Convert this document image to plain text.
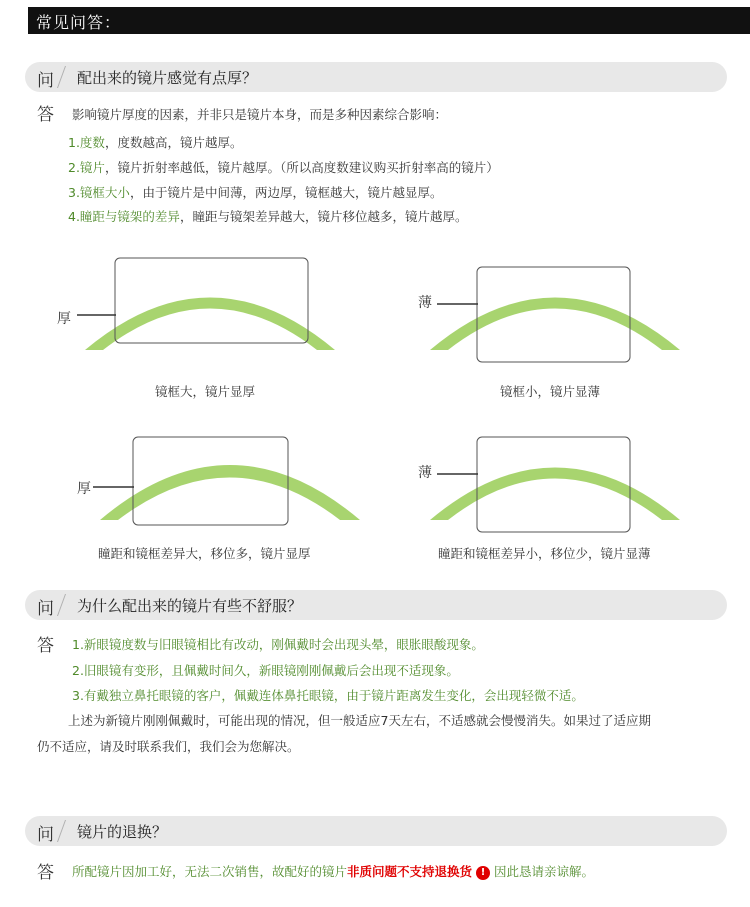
常见问答：
问 配出来的镜片感觉有点厚？
答 影响镜片厚度的因素，并非只是镜片本身，而是多种因素综合影响：
1.度数，度数越高，镜片越厚。
2.镜片，镜片折射率越低，镜片越厚。（所以高度数建议购买折射率高的镜片）
3.镜框大小，由于镜片是中间薄，两边厚，镜框越大，镜片越显厚。
4.瞳距与镜架的差异，瞳距与镜架差异越大，镜片移位越多，镜片越厚。
厚
镜框大，镜片显厚
薄
镜框小，镜片显薄
厚
瞳距和镜框差异大，移位多，镜片显厚
薄
瞳距和镜框差异小，移位少，镜片显薄
问 为什么配出来的镜片有些不舒服？
答 1.新眼镜度数与旧眼镜相比有改动，刚佩戴时会出现头晕，眼胀眼酸现象。
2.旧眼镜有变形，且佩戴时间久，新眼镜刚刚佩戴后会出现不适现象。
3.有戴独立鼻托眼镜的客户，佩戴连体鼻托眼镜，由于镜片距离发生变化，会出现轻微不适。
上述为新镜片刚刚佩戴时，可能出现的情况，但一般适应7天左右，不适感就会慢慢消失。如果过了适应期
仍不适应，请及时联系我们，我们会为您解决。
问 镜片的退换？
答 所配镜片因加工好，无法二次销售，故配好的镜片非质问题不支持退换货 ! 因此恳请亲谅解。
